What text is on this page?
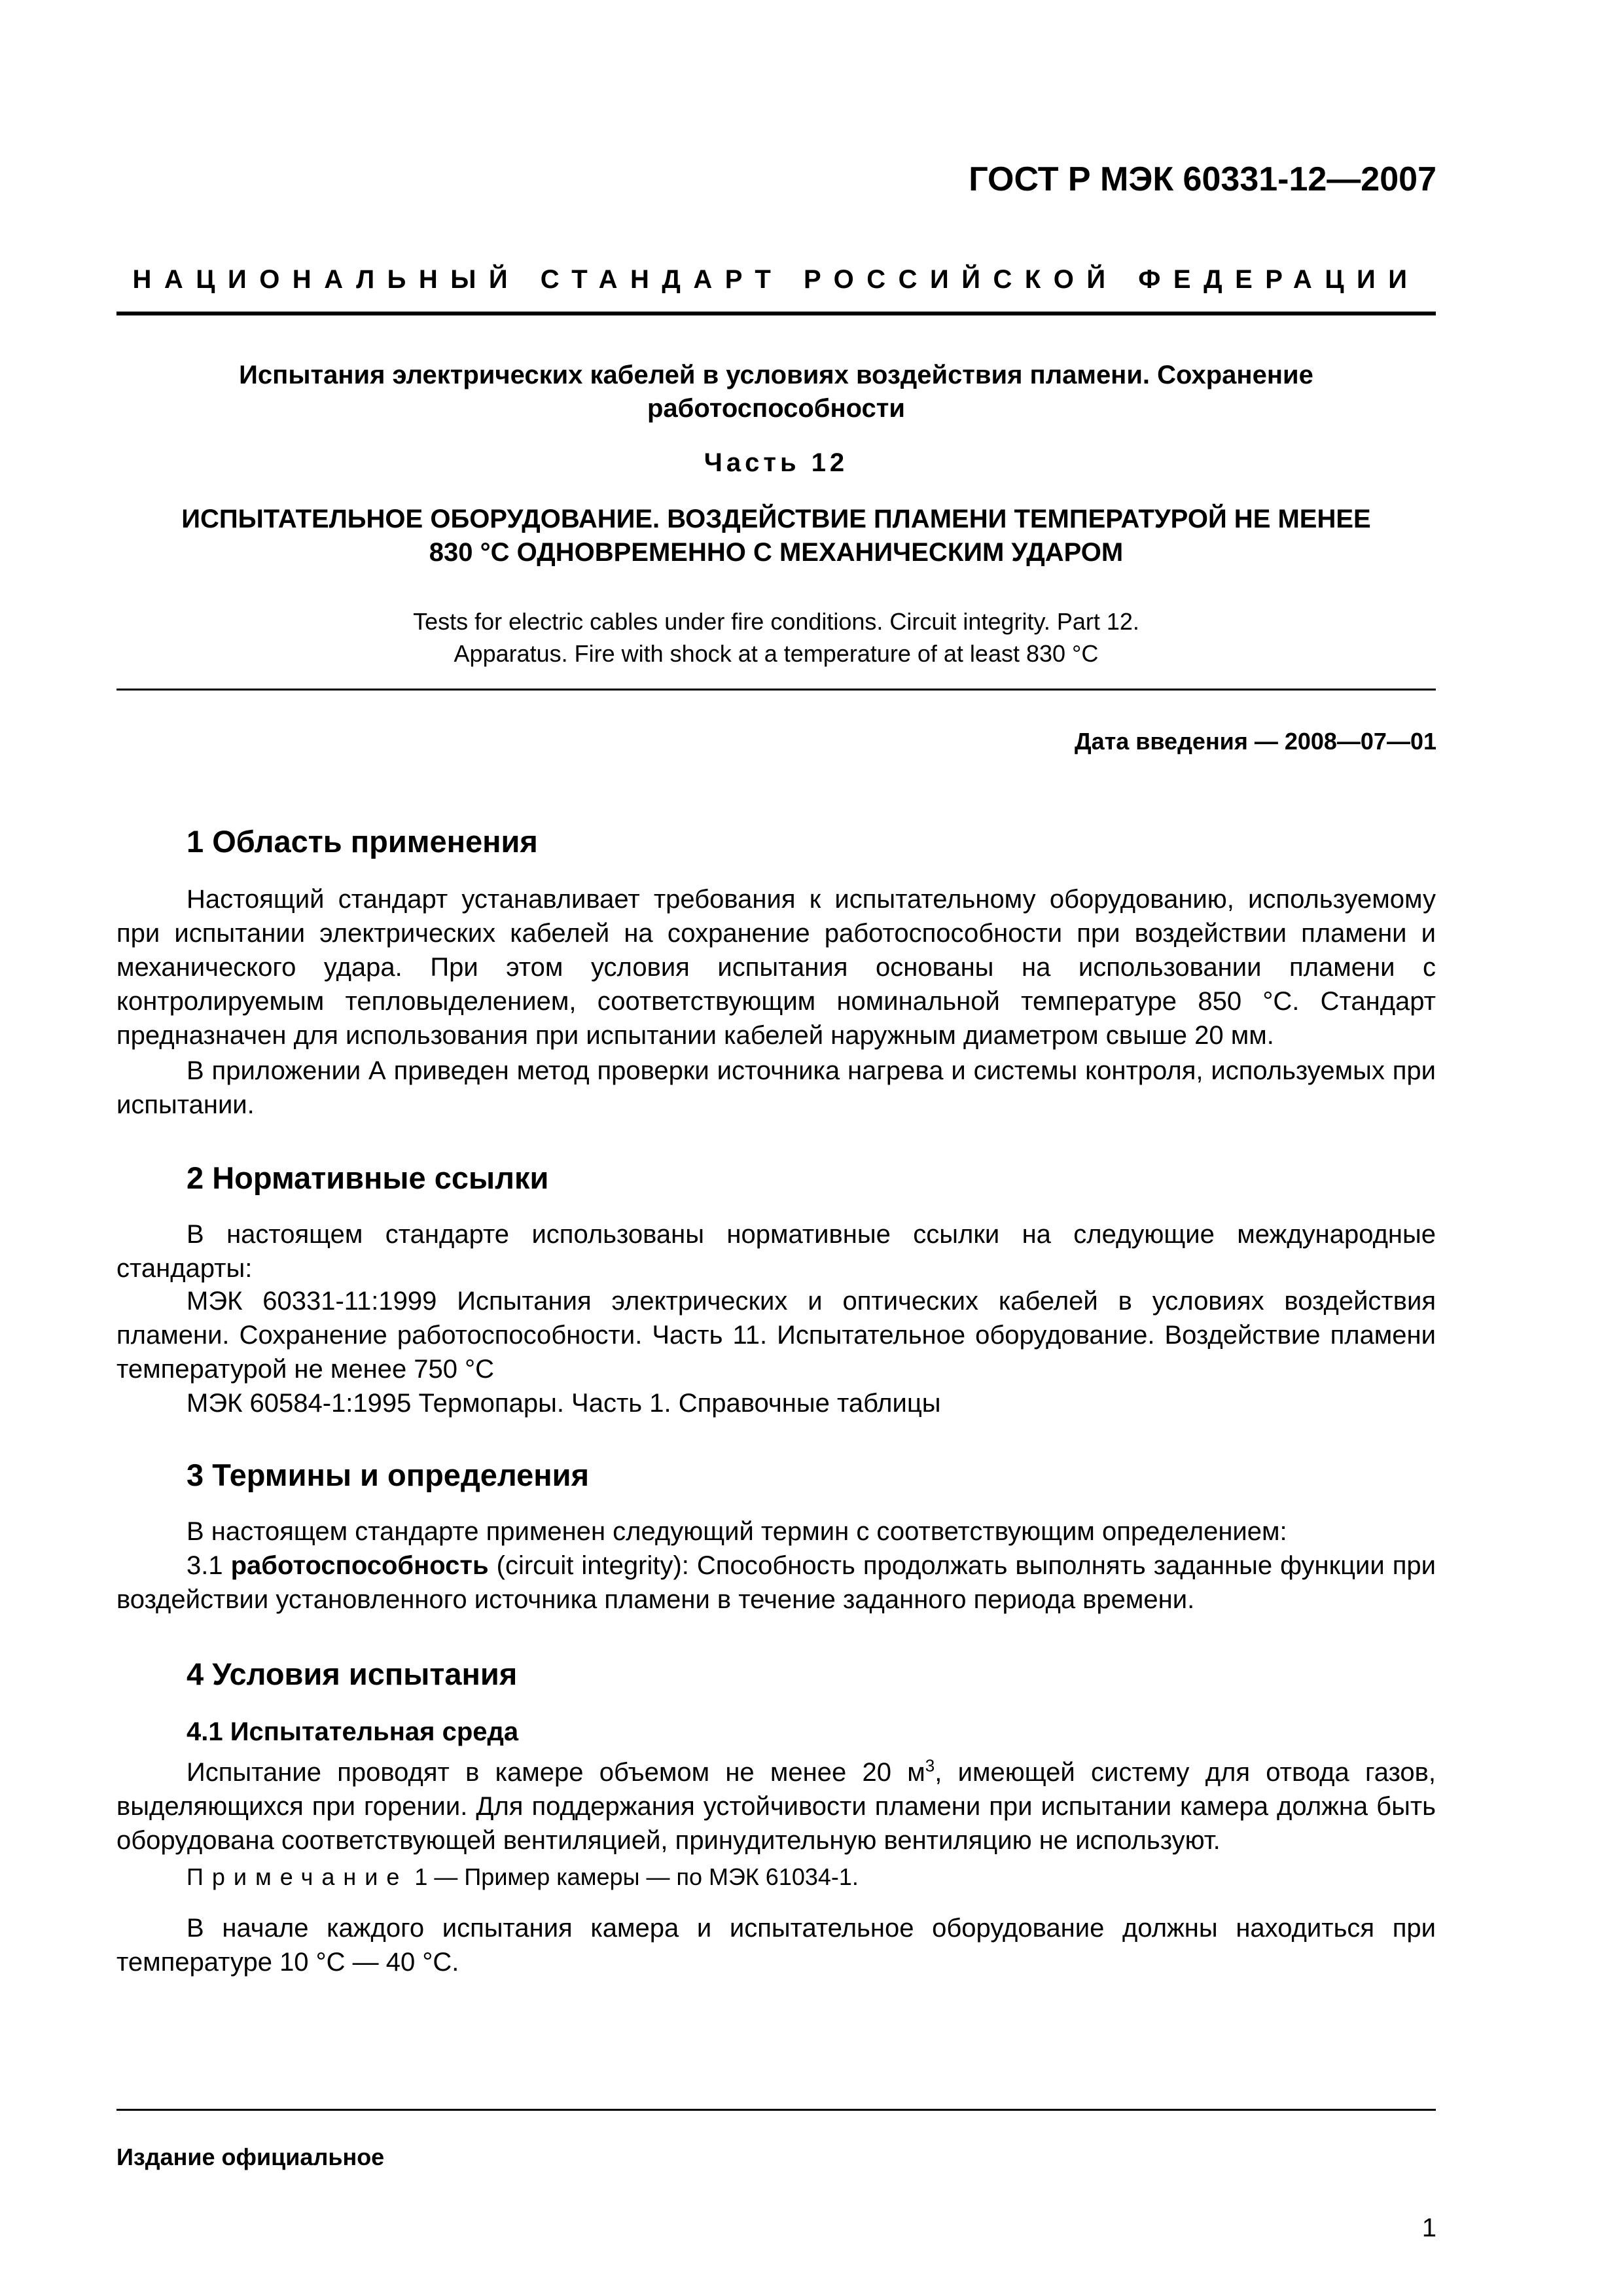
ГОСТ Р МЭК 60331-12—2007
НАЦИОНАЛЬНЫЙ СТАНДАРТ РОССИЙСКОЙ ФЕДЕРАЦИИ
Испытания электрических кабелей в условиях воздействия пламени. Сохранение
работоспособности
Часть 12
ИСПЫТАТЕЛЬНОЕ ОБОРУДОВАНИЕ. ВОЗДЕЙСТВИЕ ПЛАМЕНИ ТЕМПЕРАТУРОЙ НЕ МЕНЕЕ
830 °С ОДНОВРЕМЕННО С МЕХАНИЧЕСКИМ УДАРОМ
Tests for electric cables under fire conditions. Circuit integrity. Part 12.
Apparatus. Fire with shock at a temperature of at least 830 °C
Дата введения — 2008—07—01
1 Область применения
Настоящий стандарт устанавливает требования к испытательному оборудованию, используемому при испытании электрических кабелей на сохранение работоспособности при воздействии пламени и механического удара. При этом условия испытания основаны на использовании пламени с контролируемым тепловыделением, соответствующим номинальной температуре 850 °С. Стандарт предназначен для использования при испытании кабелей наружным диаметром свыше 20 мм.
В приложении А приведен метод проверки источника нагрева и системы контроля, используемых при испытании.
2 Нормативные ссылки
В настоящем стандарте использованы нормативные ссылки на следующие международные стандарты:
МЭК 60331-11:1999 Испытания электрических и оптических кабелей в условиях воздействия пламени. Сохранение работоспособности. Часть 11. Испытательное оборудование. Воздействие пламени температурой не менее 750 °С
МЭК 60584-1:1995 Термопары. Часть 1. Справочные таблицы
3 Термины и определения
В настоящем стандарте применен следующий термин с соответствующим определением:
3.1 работоспособность (circuit integrity): Способность продолжать выполнять заданные функции при воздействии установленного источника пламени в течение заданного периода времени.
4 Условия испытания
4.1 Испытательная среда
Испытание проводят в камере объемом не менее 20 $м^3$, имеющей систему для отвода газов, выделяющихся при горении. Для поддержания устойчивости пламени при испытании камера должна быть оборудована соответствующей вентиляцией, принудительную вентиляцию не используют.
Примечание 1 — Пример камеры — по МЭК 61034-1.
В начале каждого испытания камера и испытательное оборудование должны находиться при температуре 10 °С — 40 °С.
Издание официальное
1
